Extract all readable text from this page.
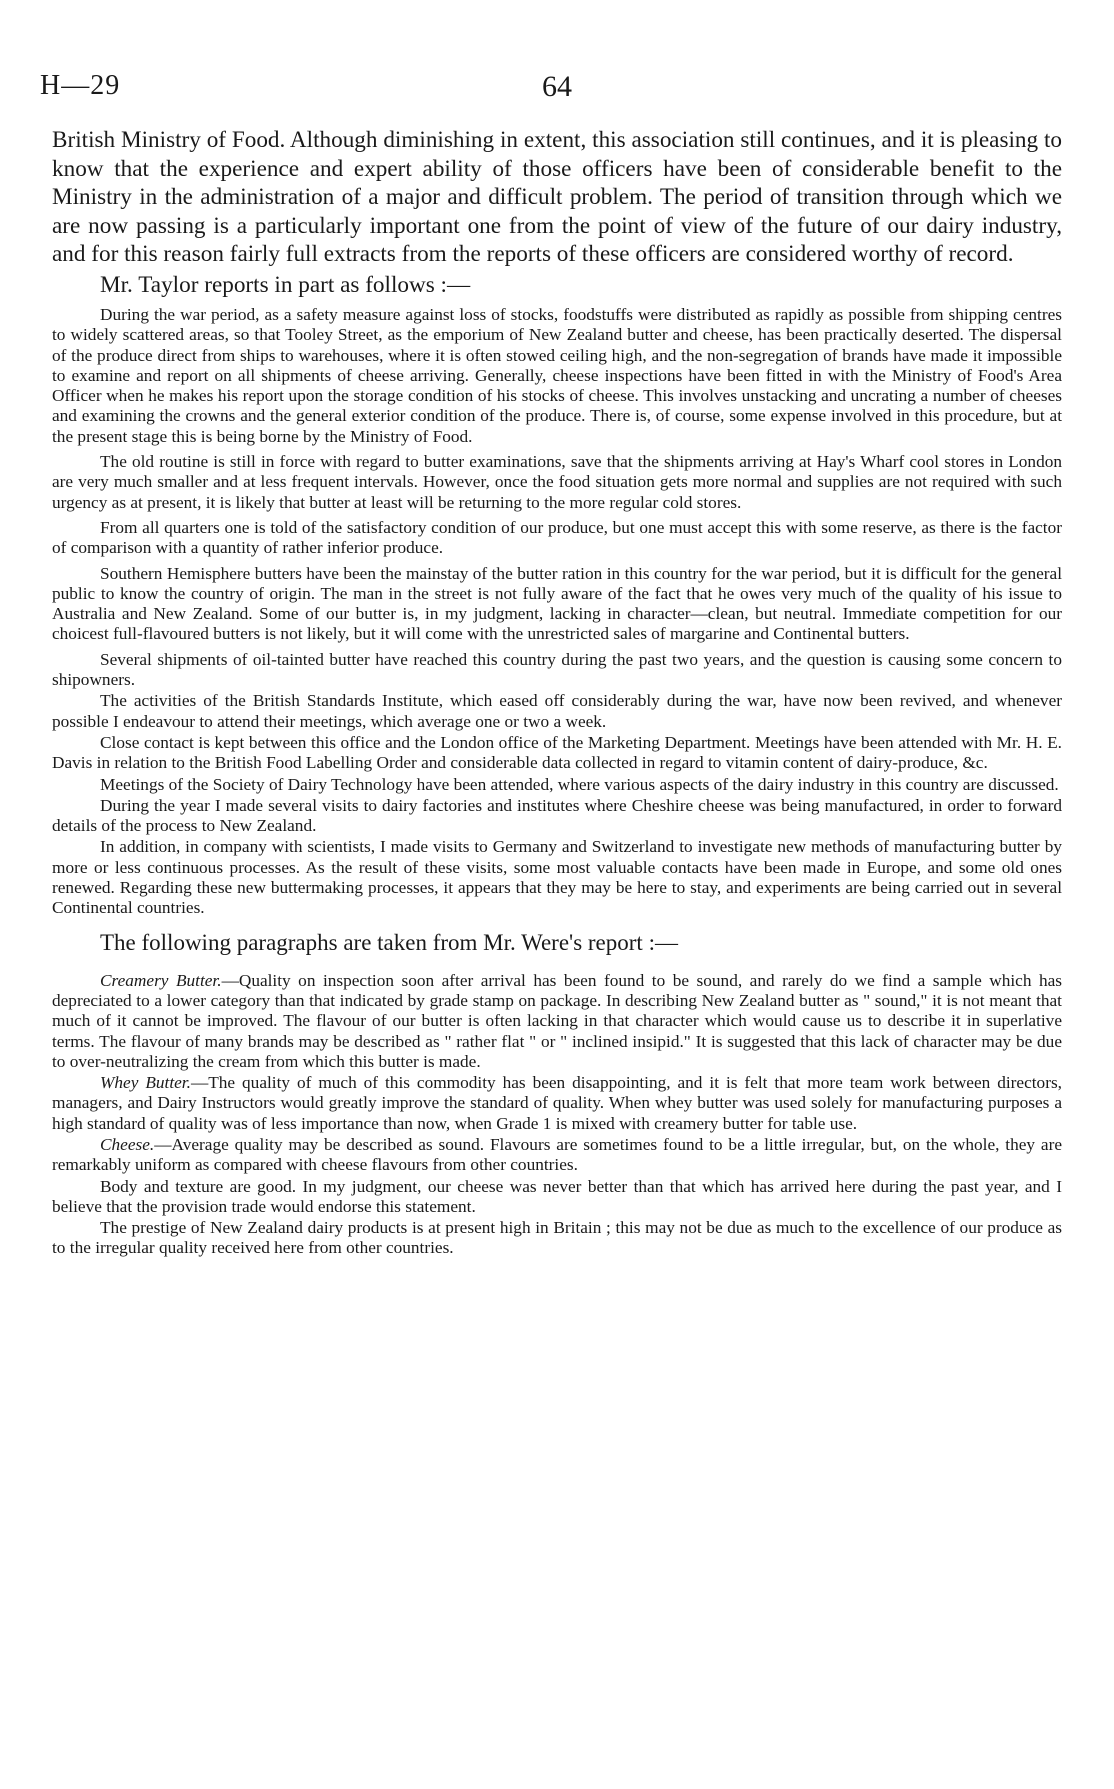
H—29	64

British Ministry of Food. Although diminishing in extent, this association still continues, and it is pleasing to know that the experience and expert ability of those officers have been of considerable benefit to the Ministry in the administration of a major and difficult problem. The period of transition through which we are now passing is a particularly important one from the point of view of the future of our dairy industry, and for this reason fairly full extracts from the reports of these officers are considered worthy of record.

Mr. Taylor reports in part as follows :—

During the war period, as a safety measure against loss of stocks, foodstuffs were distributed as rapidly as possible from shipping centres to widely scattered areas, so that Tooley Street, as the emporium of New Zealand butter and cheese, has been practically deserted. The dispersal of the produce direct from ships to warehouses, where it is often stowed ceiling high, and the non-segregation of brands have made it impossible to examine and report on all shipments of cheese arriving. Generally, cheese inspections have been fitted in with the Ministry of Food's Area Officer when he makes his report upon the storage condition of his stocks of cheese. This involves unstacking and uncrating a number of cheeses and examining the crowns and the general exterior condition of the produce. There is, of course, some expense involved in this procedure, but at the present stage this is being borne by the Ministry of Food.

The old routine is still in force with regard to butter examinations, save that the shipments arriving at Hay's Wharf cool stores in London are very much smaller and at less frequent intervals. However, once the food situation gets more normal and supplies are not required with such urgency as at present, it is likely that butter at least will be returning to the more regular cold stores.

From all quarters one is told of the satisfactory condition of our produce, but one must accept this with some reserve, as there is the factor of comparison with a quantity of rather inferior produce.

Southern Hemisphere butters have been the mainstay of the butter ration in this country for the war period, but it is difficult for the general public to know the country of origin. The man in the street is not fully aware of the fact that he owes very much of the quality of his issue to Australia and New Zealand. Some of our butter is, in my judgment, lacking in character—clean, but neutral. Immediate competition for our choicest full-flavoured butters is not likely, but it will come with the unrestricted sales of margarine and Continental butters.

Several shipments of oil-tainted butter have reached this country during the past two years, and the question is causing some concern to shipowners.

The activities of the British Standards Institute, which eased off considerably during the war, have now been revived, and whenever possible I endeavour to attend their meetings, which average one or two a week.

Close contact is kept between this office and the London office of the Marketing Department. Meetings have been attended with Mr. H. E. Davis in relation to the British Food Labelling Order and considerable data collected in regard to vitamin content of dairy-produce, &c.

Meetings of the Society of Dairy Technology have been attended, where various aspects of the dairy industry in this country are discussed.

During the year I made several visits to dairy factories and institutes where Cheshire cheese was being manufactured, in order to forward details of the process to New Zealand.

In addition, in company with scientists, I made visits to Germany and Switzerland to investigate new methods of manufacturing butter by more or less continuous processes. As the result of these visits, some most valuable contacts have been made in Europe, and some old ones renewed. Regarding these new buttermaking processes, it appears that they may be here to stay, and experiments are being carried out in several Continental countries.

The following paragraphs are taken from Mr. Were's report :—

Creamery Butter.—Quality on inspection soon after arrival has been found to be sound, and rarely do we find a sample which has depreciated to a lower category than that indicated by grade stamp on package. In describing New Zealand butter as " sound," it is not meant that much of it cannot be improved. The flavour of our butter is often lacking in that character which would cause us to describe it in superlative terms. The flavour of many brands may be described as " rather flat " or " inclined insipid." It is suggested that this lack of character may be due to over-neutralizing the cream from which this butter is made.

Whey Butter.—The quality of much of this commodity has been disappointing, and it is felt that more team work between directors, managers, and Dairy Instructors would greatly improve the standard of quality. When whey butter was used solely for manufacturing purposes a high standard of quality was of less importance than now, when Grade 1 is mixed with creamery butter for table use.

Cheese.—Average quality may be described as sound. Flavours are sometimes found to be a little irregular, but, on the whole, they are remarkably uniform as compared with cheese flavours from other countries.

Body and texture are good. In my judgment, our cheese was never better than that which has arrived here during the past year, and I believe that the provision trade would endorse this statement.

The prestige of New Zealand dairy products is at present high in Britain ; this may not be due as much to the excellence of our produce as to the irregular quality received here from other countries.
